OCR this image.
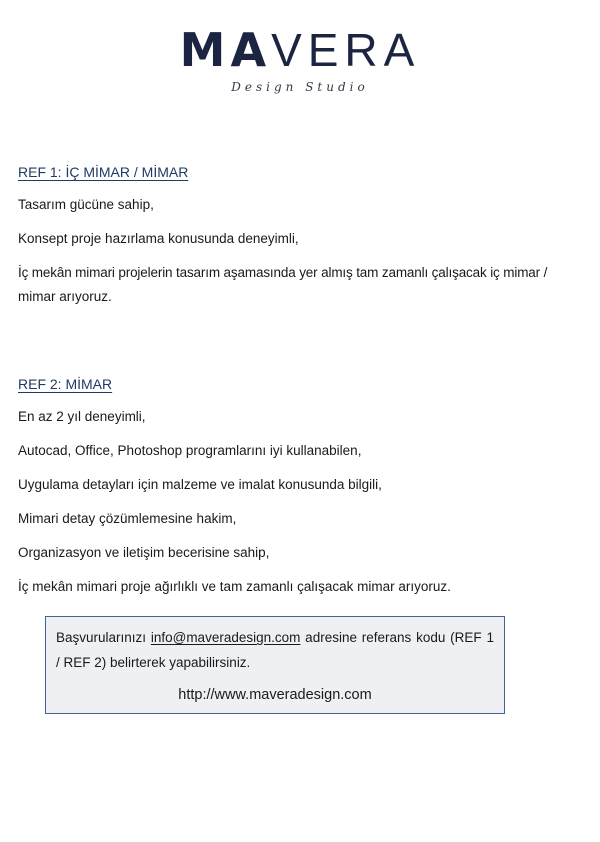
MAVERA
Design Studio

REF 1: İÇ MİMAR / MİMAR

Tasarım gücüne sahip,

Konsept proje hazırlama konusunda deneyimli,

İç mekân mimari projelerin tasarım aşamasında yer almış tam zamanlı çalışacak iç mimar /

mimar arıyoruz.

REF 2: MİMAR

En az 2 yıl deneyimli,

Autocad, Office, Photoshop programlarını iyi kullanabilen,

Uygulama detayları için malzeme ve imalat konusunda bilgili,

Mimari detay çözümlemesine hakim,

Organizasyon ve iletişim becerisine sahip,

İç mekân mimari proje ağırlıklı ve tam zamanlı çalışacak mimar arıyoruz.

Başvurularınızı info@maveradesign.com adresine referans kodu (REF 1 / REF 2) belirterek yapabilirsiniz.

http://www.maveradesign.com
